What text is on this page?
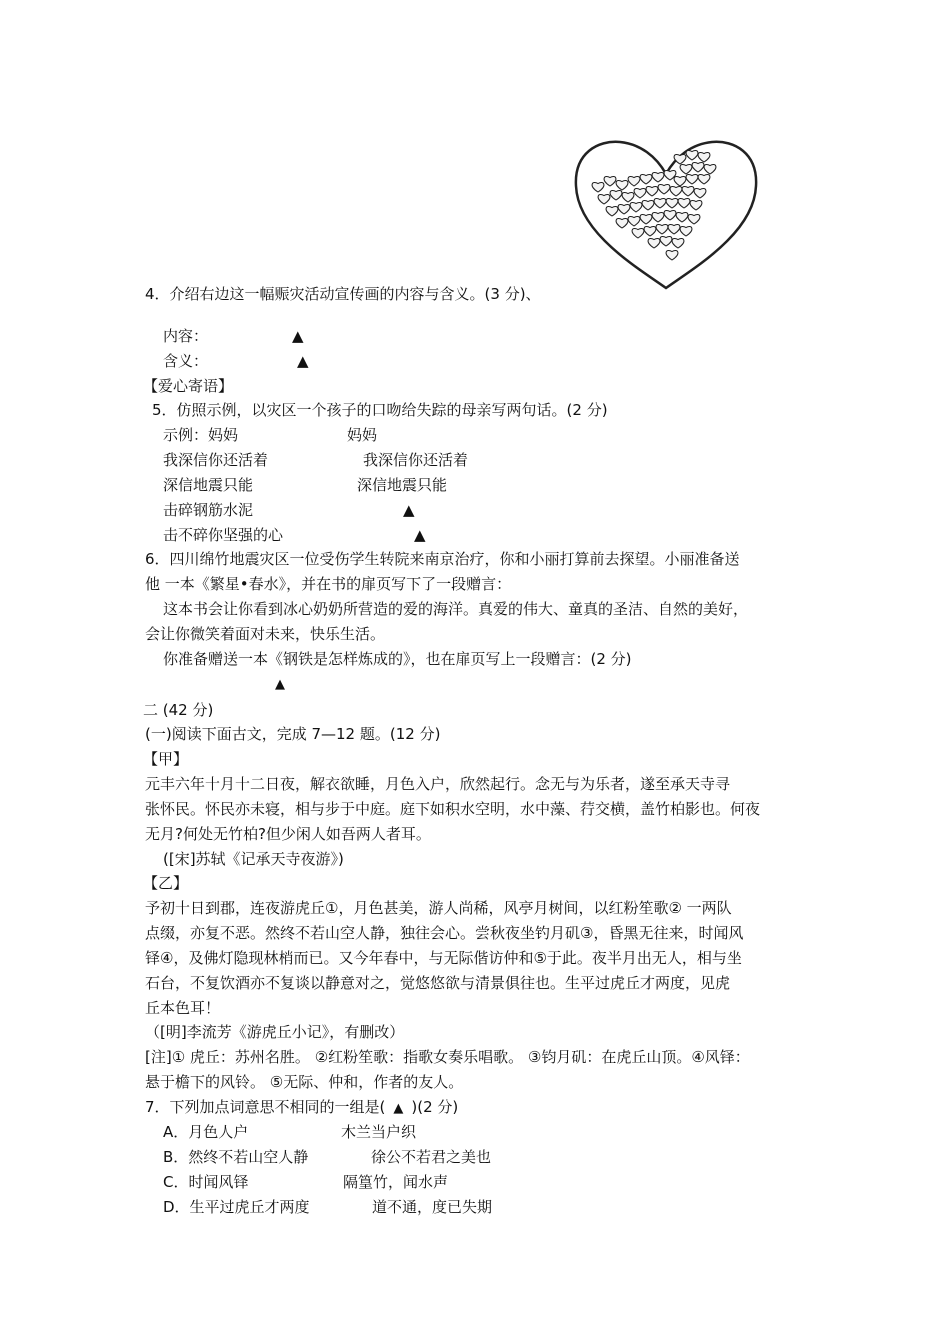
4．介绍右边这一幅赈灾活动宣传画的内容与含义。(3 分)、
内容：	▲
含义：	▲
【爱心寄语】
5．仿照示例，以灾区一个孩子的口吻给失踪的母亲写两句话。(2 分)
示例：妈妈	妈妈
我深信你还活着	我深信你还活着
深信地震只能	深信地震只能
击碎钢筋水泥	▲
击不碎你坚强的心	▲
6．四川绵竹地震灾区一位受伤学生转院来南京治疗，你和小丽打算前去探望。小丽准备送
他 一本《繁星•春水》，并在书的扉页写下了一段赠言：
这本书会让你看到冰心奶奶所营造的爱的海洋。真爱的伟大、童真的圣洁、自然的美好，
会让你微笑着面对未来，快乐生活。
你准备赠送一本《钢铁是怎样炼成的》，也在扉页写上一段赠言：(2 分)
▲
二 (42 分)
(一)阅读下面古文，完成 7—12 题。(12 分)
【甲】
元丰六年十月十二日夜，解衣欲睡，月色入户，欣然起行。念无与为乐者，遂至承天寺寻
张怀民。怀民亦未寝，相与步于中庭。庭下如积水空明，水中藻、荇交横，盖竹柏影也。何夜
无月?何处无竹柏?但少闲人如吾两人者耳。
([宋]苏轼《记承天寺夜游》)
【乙】
予初十日到郡，连夜游虎丘①，月色甚美，游人尚稀，风亭月树间，以红粉笙歌② 一两队
点缀，亦复不恶。然终不若山空人静，独往会心。尝秋夜坐钓月矶③，昏黑无往来，时闻风
铎④，及佛灯隐现林梢而已。又今年春中，与无际偕访仲和⑤于此。夜半月出无人，相与坐
石台，不复饮酒亦不复谈以静意对之，觉悠悠欲与清景俱往也。生平过虎丘才两度，见虎
丘本色耳！
（[明]李流芳《游虎丘小记》，有删改）
[注]① 虎丘：苏州名胜。 ②红粉笙歌：指歌女奏乐唱歌。 ③钧月矶：在虎丘山顶。④风铎：
悬于檐下的风铃。 ⑤无际、仲和，作者的友人。
7．下列加点词意思不相同的一组是( ▲ )(2 分)
A．月色人户	木兰当户织
B．然终不若山空人静	徐公不若君之美也
C．时闻风铎	隔篁竹，闻水声
D．生平过虎丘才两度	道不通，度已失期
